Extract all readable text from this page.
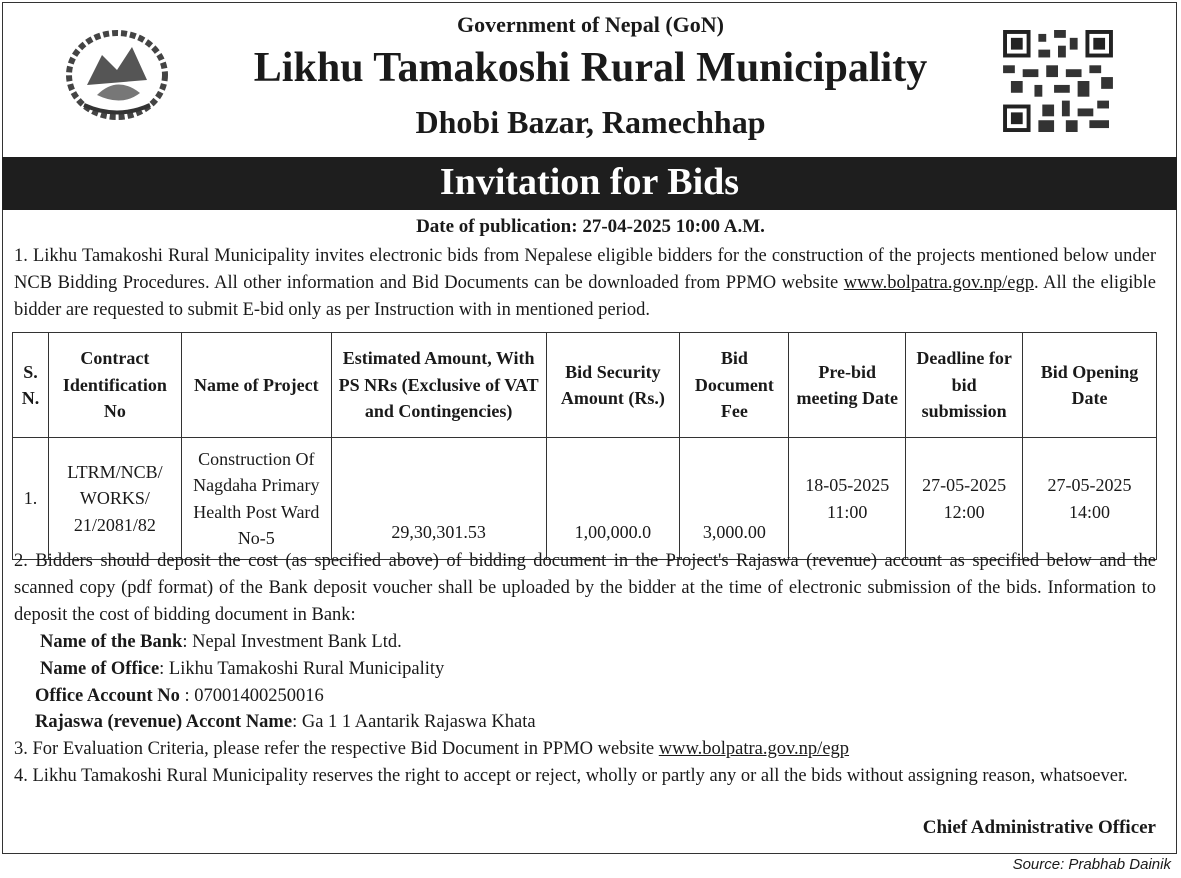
Government of Nepal (GoN)
Likhu Tamakoshi Rural Municipality
Dhobi Bazar, Ramechhap
Invitation for Bids
Date of publication: 27-04-2025 10:00 A.M.
1. Likhu Tamakoshi Rural Municipality invites electronic bids from Nepalese eligible bidders for the construction of the projects mentioned below under NCB Bidding Procedures. All other information and Bid Documents can be downloaded from PPMO website www.bolpatra.gov.np/egp. All the eligible bidder are requested to submit E-bid only as per Instruction with in mentioned period.
S. N.	Contract Identification No	Name of Project	Estimated Amount, With PS NRs (Exclusive of VAT and Contingencies)	Bid Security Amount (Rs.)	Bid Document Fee	Pre-bid meeting Date	Deadline for bid submission	Bid Opening Date
1.	LTRM/NCB/ WORKS/ 21/2081/82	Construction Of Nagdaha Primary Health Post Ward No-5	29,30,301.53	1,00,000.0	3,000.00	18-05-2025 11:00	27-05-2025 12:00	27-05-2025 14:00
2. Bidders should deposit the cost (as specified above) of bidding document in the Project's Rajaswa (revenue) account as specified below and the scanned copy (pdf format) of the Bank deposit voucher shall be uploaded by the bidder at the time of electronic submission of the bids. Information to deposit the cost of bidding document in Bank:
Name of the Bank: Nepal Investment Bank Ltd.
Name of Office: Likhu Tamakoshi Rural Municipality
Office Account No : 07001400250016
Rajaswa (revenue) Accont Name: Ga 1 1 Aantarik Rajaswa Khata
3. For Evaluation Criteria, please refer the respective Bid Document in PPMO website www.bolpatra.gov.np/egp
4. Likhu Tamakoshi Rural Municipality reserves the right to accept or reject, wholly or partly any or all the bids without assigning reason, whatsoever.
Chief Administrative Officer
Source: Prabhab Dainik
